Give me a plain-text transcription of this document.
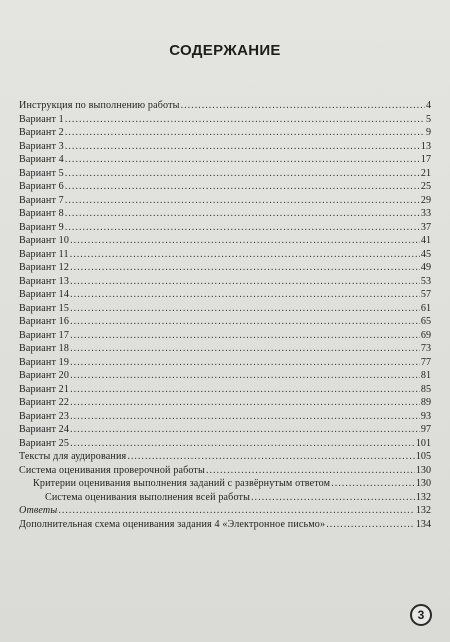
СОДЕРЖАНИЕ
Инструкция по выполнению работы .....	4
Вариант 1 .....	5
Вариант 2 .....	9
Вариант 3 .....	13
Вариант 4 .....	17
Вариант 5 .....	21
Вариант 6 .....	25
Вариант 7 .....	29
Вариант 8 .....	33
Вариант 9 .....	37
Вариант 10 .....	41
Вариант 11 .....	45
Вариант 12 .....	49
Вариант 13 .....	53
Вариант 14 .....	57
Вариант 15 .....	61
Вариант 16 .....	65
Вариант 17 .....	69
Вариант 18 .....	73
Вариант 19 .....	77
Вариант 20 .....	81
Вариант 21 .....	85
Вариант 22 .....	89
Вариант 23 .....	93
Вариант 24 .....	97
Вариант 25 .....	101
Тексты для аудирования .....	105
Система оценивания проверочной работы .....	130
Критерии оценивания выполнения заданий с развёрнутым ответом .....	130
Система оценивания выполнения всей работы .....	132
Ответы .....	132
Дополнительная схема оценивания задания 4 «Электронное письмо» .....	134
3
